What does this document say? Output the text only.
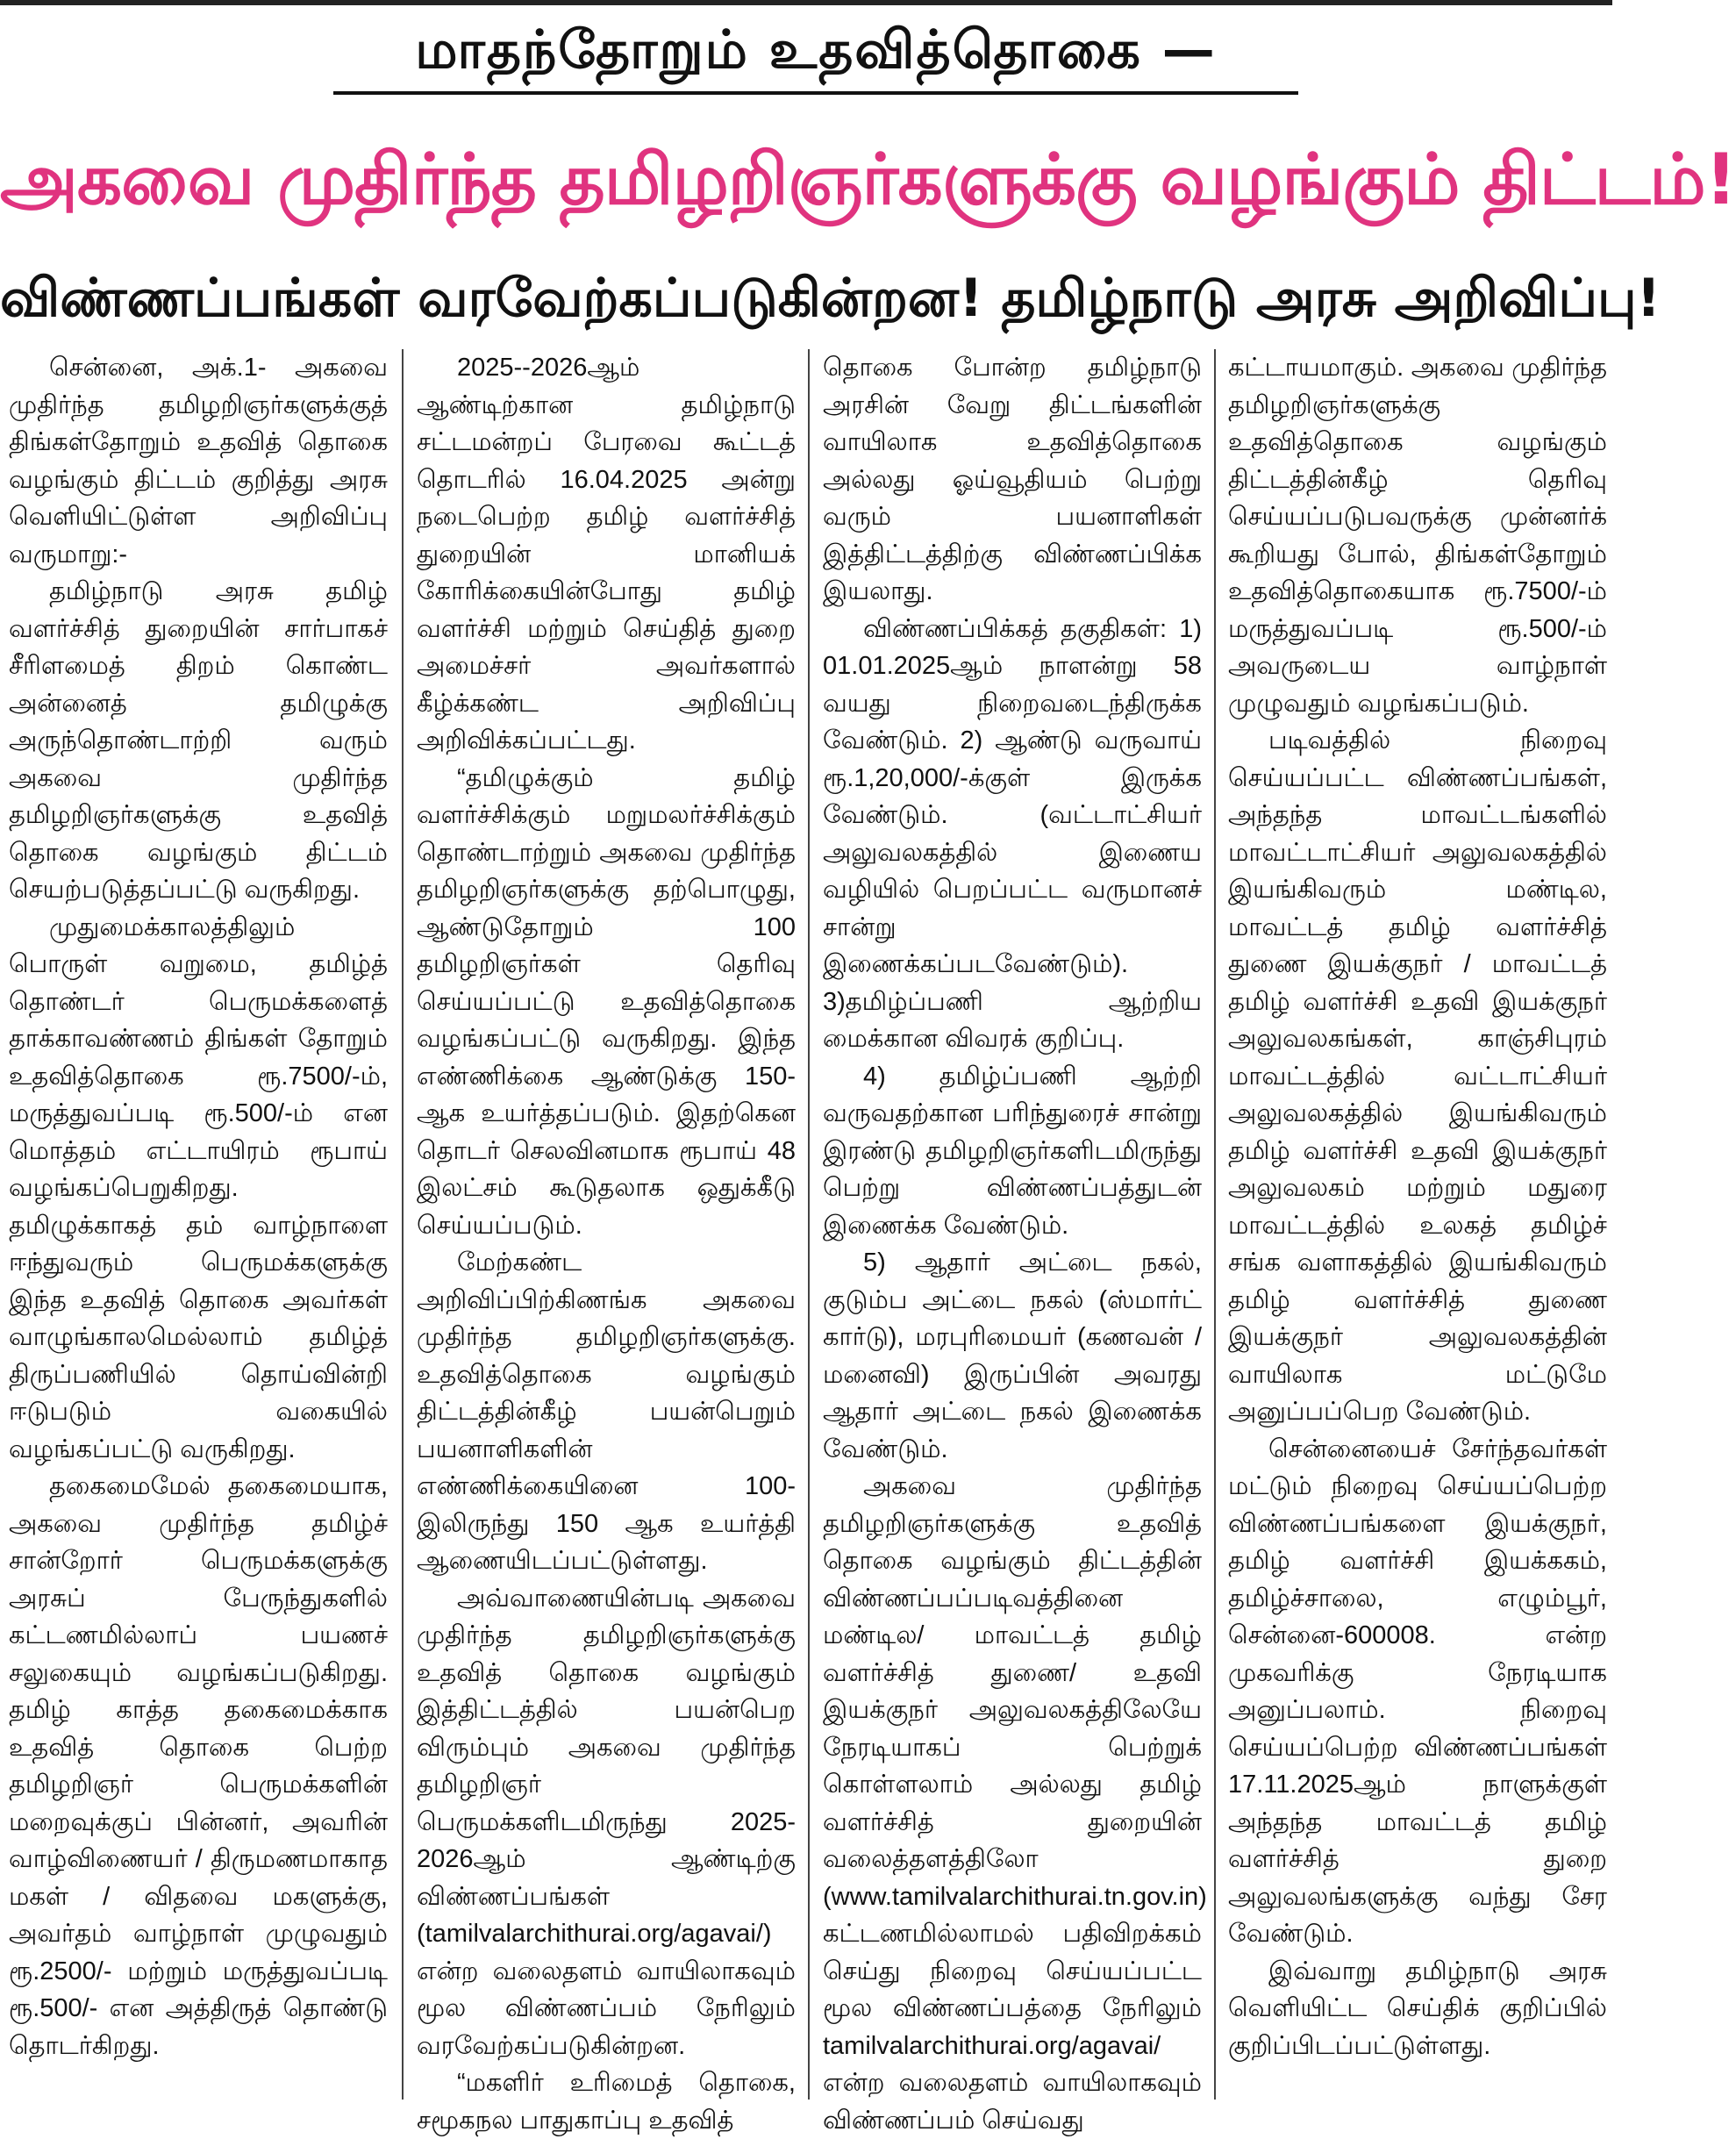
மாதந்தோறும் உதவித்தொகை —
அகவை முதிர்ந்த தமிழறிஞர்களுக்கு வழங்கும் திட்டம்!
விண்ணப்பங்கள் வரவேற்கப்படுகின்றன! தமிழ்நாடு அரசு அறிவிப்பு!

சென்னை, அக்.1- அகவை முதிர்ந்த தமிழறிஞர்களுக்குத் திங்கள்தோறும் உதவித் தொகை வழங்கும் திட்டம் குறித்து அரசு வெளியிட்டுள்ள அறிவிப்பு வருமாறு:-

தமிழ்நாடு அரசு தமிழ் வளர்ச்சித் துறையின் சார்பாகச் சீரிளமைத் திறம் கொண்ட அன்னைத் தமிழுக்கு அருந்தொண்டாற்றி வரும் அகவை முதிர்ந்த தமிழறிஞர்களுக்கு உதவித் தொகை வழங்கும் திட்டம் செயற்படுத்தப்பட்டு வருகிறது.

முதுமைக்காலத்திலும் பொருள் வறுமை, தமிழ்த் தொண்டர் பெருமக்களைத் தாக்காவண்ணம் திங்கள் தோறும் உதவித்தொகை ரூ.7500/-ம், மருத்துவப்படி ரூ.500/-ம் என மொத்தம் எட்டாயிரம் ரூபாய் வழங்கப்பெறுகிறது. தமிழுக்காகத் தம் வாழ்நாளை ஈந்துவரும் பெருமக்களுக்கு இந்த உதவித் தொகை அவர்கள் வாழுங்காலமெல்லாம் தமிழ்த் திருப்பணியில் தொய்வின்றி ஈடுபடும் வகையில் வழங்கப்பட்டு வருகிறது.

தகைமைமேல் தகைமையாக, அகவை முதிர்ந்த தமிழ்ச் சான்றோர் பெருமக்களுக்கு அரசுப் பேருந்துகளில் கட்டணமில்லாப் பயணச் சலுகையும் வழங்கப்படுகிறது. தமிழ் காத்த தகைமைக்காக உதவித் தொகை பெற்ற தமிழறிஞர் பெருமக்களின் மறைவுக்குப் பின்னர், அவரின் வாழ்விணையர் / திருமணமாகாத மகள் / விதவை மகளுக்கு, அவர்தம் வாழ்நாள் முழுவதும் ரூ.2500/- மற்றும் மருத்துவப்படி ரூ.500/- என அத்திருத் தொண்டு தொடர்கிறது.

2025--2026ஆம் ஆண்டிற்கான தமிழ்நாடு சட்டமன்றப் பேரவை கூட்டத் தொடரில் 16.04.2025 அன்று நடைபெற்ற தமிழ் வளர்ச்சித் துறையின் மானியக் கோரிக்கையின்போது தமிழ் வளர்ச்சி மற்றும் செய்தித் துறை அமைச்சர் அவர்களால் கீழ்க்கண்ட அறிவிப்பு அறிவிக்கப்பட்டது.

“தமிழுக்கும் தமிழ் வளர்ச்சிக்கும் மறுமலர்ச்சிக்கும் தொண்டாற்றும் அகவை முதிர்ந்த தமிழறிஞர்களுக்கு தற்பொழுது, ஆண்டுதோறும் 100 தமிழறிஞர்கள் தெரிவு செய்யப்பட்டு உதவித்தொகை வழங்கப்பட்டு வருகிறது. இந்த எண்ணிக்கை ஆண்டுக்கு 150-ஆக உயர்த்தப்படும். இதற்கென தொடர் செலவினமாக ரூபாய் 48 இலட்சம் கூடுதலாக ஒதுக்கீடு செய்யப்படும்.

மேற்கண்ட அறிவிப்பிற்கிணங்க அகவை முதிர்ந்த தமிழறிஞர்களுக்கு. உதவித்தொகை வழங்கும் திட்டத்தின்கீழ் பயன்பெறும் பயனாளிகளின் எண்ணிக்கையினை 100-இலிருந்து 150 ஆக உயர்த்தி ஆணையிடப்பட்டுள்ளது.

அவ்வாணையின்படி அகவை முதிர்ந்த தமிழறிஞர்களுக்கு உதவித் தொகை வழங்கும் இத்திட்டத்தில் பயன்பெற விரும்பும் அகவை முதிர்ந்த தமிழறிஞர் பெருமக்களிடமிருந்து 2025-2026ஆம் ஆண்டிற்கு விண்ணப்பங்கள் (tamilvalarchithurai.org/agavai/) என்ற வலைதளம் வாயிலாகவும் மூல விண்ணப்பம் நேரிலும் வரவேற்கப்படுகின்றன.

“மகளிர் உரிமைத் தொகை, சமூகநல பாதுகாப்பு உதவித்

தொகை போன்ற தமிழ்நாடு அரசின் வேறு திட்டங்களின் வாயிலாக உதவித்தொகை அல்லது ஓய்வூதியம் பெற்று வரும் பயனாளிகள் இத்திட்டத்திற்கு விண்ணப்பிக்க இயலாது.

விண்ணப்பிக்கத் தகுதிகள்: 1) 01.01.2025ஆம் நாளன்று 58 வயது நிறைவடைந்திருக்க வேண்டும். 2) ஆண்டு வருவாய் ரூ.1,20,000/-க்குள் இருக்க வேண்டும். (வட்டாட்சியர் அலுவலகத்தில் இணைய வழியில் பெறப்பட்ட வருமானச் சான்று இணைக்கப்படவேண்டும்). 3)தமிழ்ப்பணி ஆற்றிய மைக்கான விவரக் குறிப்பு.

4) தமிழ்ப்பணி ஆற்றி வருவதற்கான பரிந்துரைச் சான்று இரண்டு தமிழறிஞர்களிடமிருந்து பெற்று விண்ணப்பத்துடன் இணைக்க வேண்டும்.

5) ஆதார் அட்டை நகல், குடும்ப அட்டை நகல் (ஸ்மார்ட் கார்டு), மரபுரிமையர் (கணவன் / மனைவி) இருப்பின் அவரது ஆதார் அட்டை நகல் இணைக்க வேண்டும்.

அகவை முதிர்ந்த தமிழறிஞர்களுக்கு உதவித் தொகை வழங்கும் திட்டத்தின் விண்ணப்பப்படிவத்தினை மண்டில/ மாவட்டத் தமிழ் வளர்ச்சித் துணை/ உதவி இயக்குநர் அலுவலகத்திலேயே நேரடியாகப் பெற்றுக் கொள்ளலாம் அல்லது தமிழ் வளர்ச்சித் துறையின் வலைத்தளத்திலோ (www.tamilvalarchithurai.tn.gov.in) கட்டணமில்லாமல் பதிவிறக்கம் செய்து நிறைவு செய்யப்பட்ட மூல விண்ணப்பத்தை நேரிலும் tamilvalarchithurai.org/agavai/ என்ற வலைதளம் வாயிலாகவும் விண்ணப்பம் செய்வது

கட்டாயமாகும். அகவை முதிர்ந்த தமிழறிஞர்களுக்கு உதவித்தொகை வழங்கும் திட்டத்தின்கீழ் தெரிவு செய்யப்படுபவருக்கு முன்னர்க் கூறியது போல், திங்கள்தோறும் உதவித்தொகையாக ரூ.7500/-ம் மருத்துவப்படி ரூ.500/-ம் அவருடைய வாழ்நாள் முழுவதும் வழங்கப்படும்.

படிவத்தில் நிறைவு செய்யப்பட்ட விண்ணப்பங்கள், அந்தந்த மாவட்டங்களில் மாவட்டாட்சியர் அலுவலகத்தில் இயங்கிவரும் மண்டில, மாவட்டத் தமிழ் வளர்ச்சித் துணை இயக்குநர் / மாவட்டத் தமிழ் வளர்ச்சி உதவி இயக்குநர் அலுவலகங்கள், காஞ்சிபுரம் மாவட்டத்தில் வட்டாட்சியர் அலுவலகத்தில் இயங்கிவரும் தமிழ் வளர்ச்சி உதவி இயக்குநர் அலுவலகம் மற்றும் மதுரை மாவட்டத்தில் உலகத் தமிழ்ச் சங்க வளாகத்தில் இயங்கிவரும் தமிழ் வளர்ச்சித் துணை இயக்குநர் அலுவலகத்தின் வாயிலாக மட்டுமே அனுப்பப்பெற வேண்டும்.

சென்னையைச் சேர்ந்தவர்கள் மட்டும் நிறைவு செய்யப்பெற்ற விண்ணப்பங்களை இயக்குநர், தமிழ் வளர்ச்சி இயக்ககம், தமிழ்ச்சாலை, எழும்பூர், சென்னை-600008. என்ற முகவரிக்கு நேரடியாக அனுப்பலாம். நிறைவு செய்யப்பெற்ற விண்ணப்பங்கள் 17.11.2025ஆம் நாளுக்குள் அந்தந்த மாவட்டத் தமிழ் வளர்ச்சித் துறை அலுவலங்களுக்கு வந்து சேர வேண்டும்.

இவ்வாறு தமிழ்நாடு அரசு வெளியிட்ட செய்திக் குறிப்பில் குறிப்பிடப்பட்டுள்ளது.
